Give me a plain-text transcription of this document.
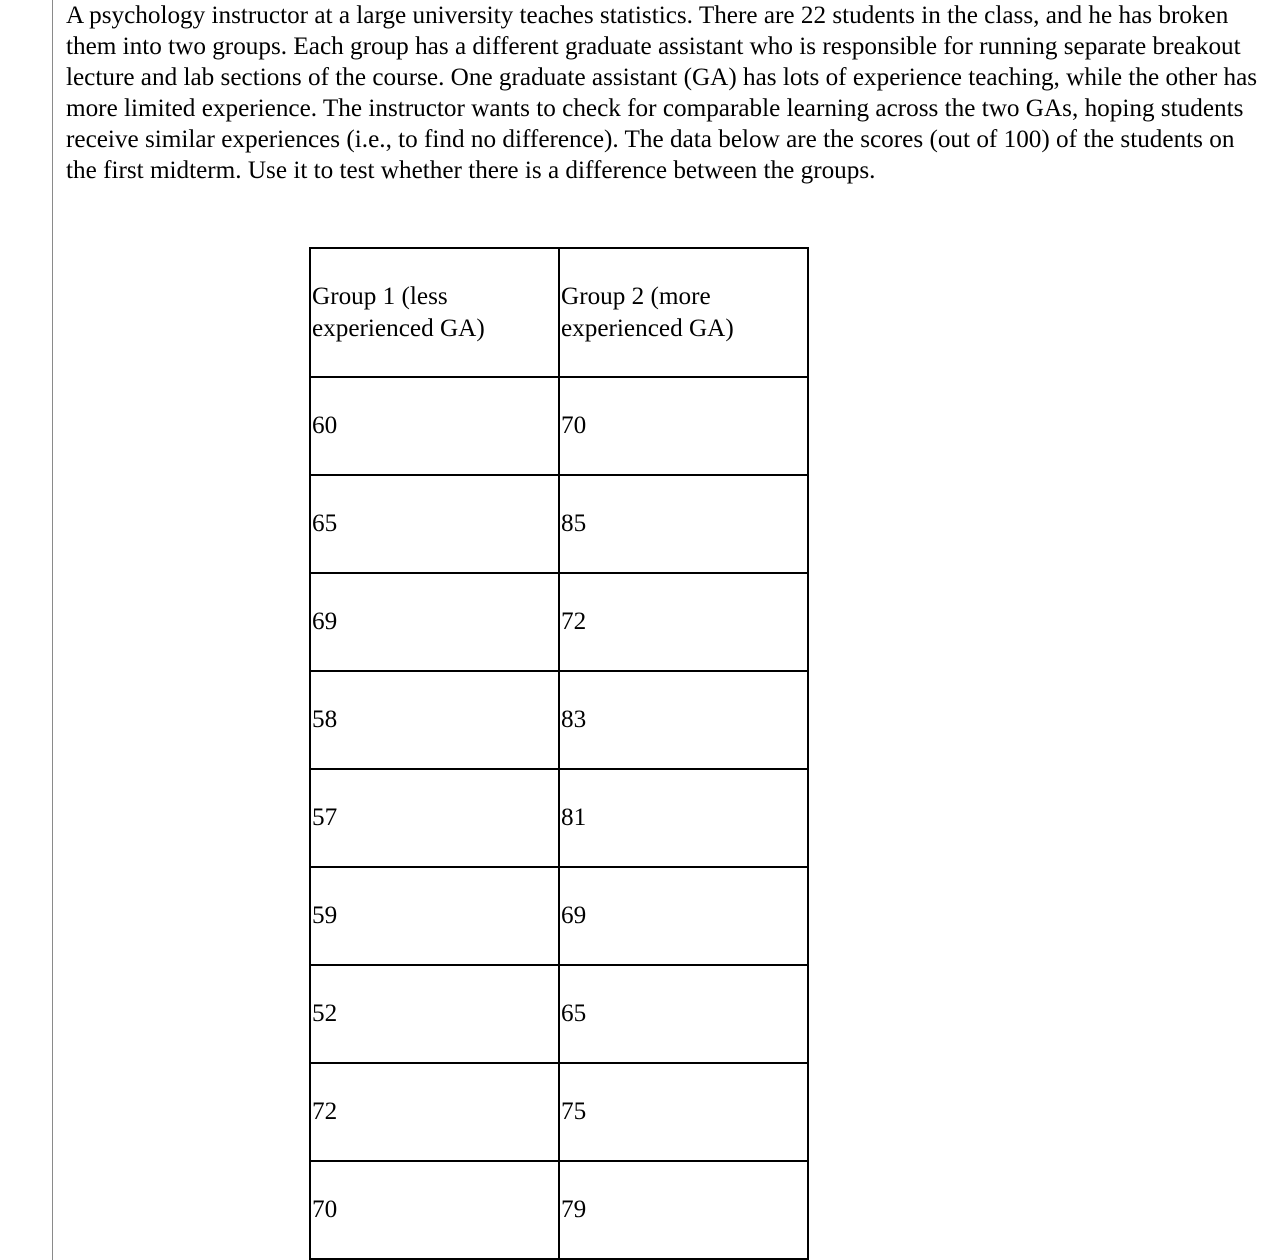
A psychology instructor at a large university teaches statistics. There are 22 students in the class, and he has broken them into two groups. Each group has a different graduate assistant who is responsible for running separate breakout lecture and lab sections of the course. One graduate assistant (GA) has lots of experience teaching, while the other has more limited experience. The instructor wants to check for comparable learning across the two GAs, hoping students receive similar experiences (i.e., to find no difference). The data below are the scores (out of 100) of the students on the first midterm. Use it to test whether there is a difference between the groups.

Group 1 (less experienced GA)	Group 2 (more experienced GA)
60	70
65	85
69	72
58	83
57	81
59	69
52	65
72	75
70	79
